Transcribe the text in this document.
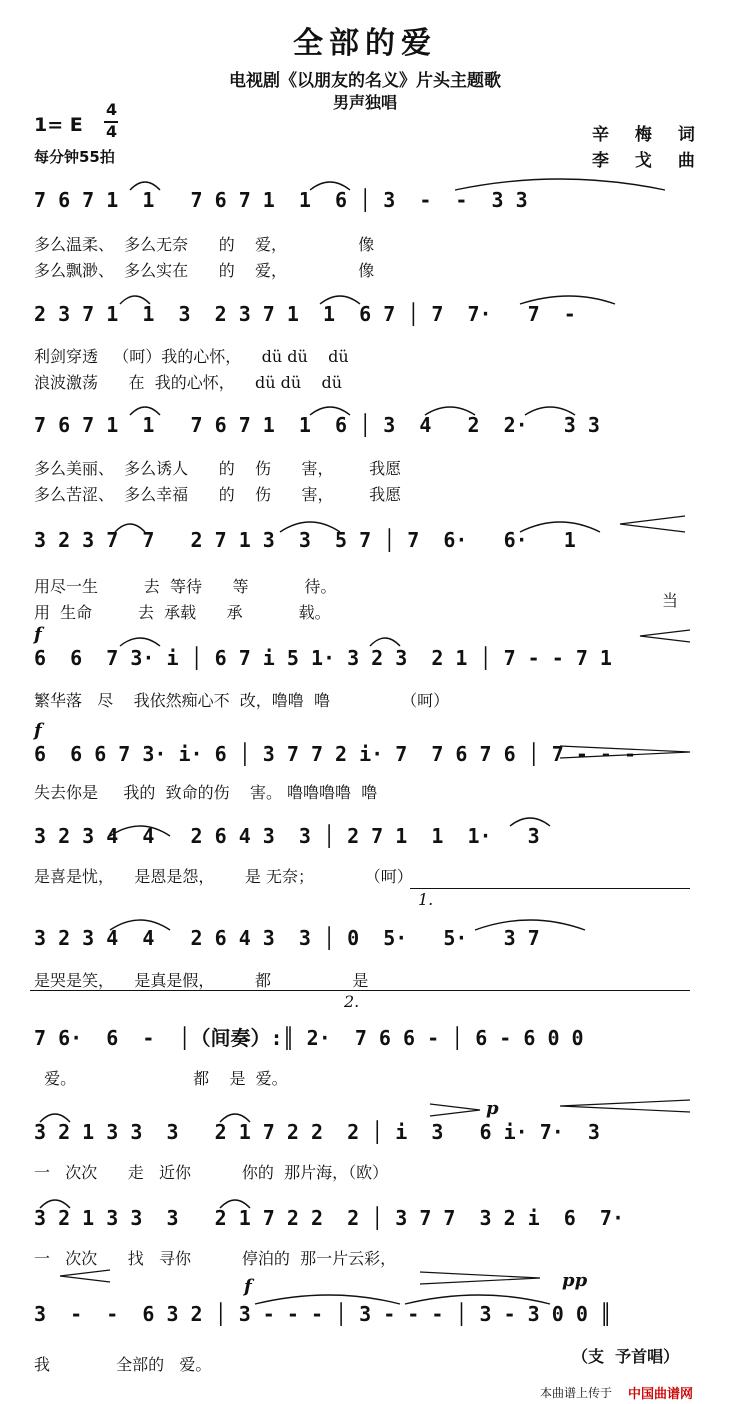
全部的爱
电视剧《以朋友的名义》片头主题歌
男声独唱
1= E
4
4
每分钟55拍
辛 梅 词
李 戈 曲
7 6 7 1  1   7 6 7 1  1  6 │ 3  -  -  3 3
多么温柔、  多么无奈      的    爱，              像
多么飘渺、  多么实在      的    爱，              像
2 3 7 1  1  3  2 3 7 1  1  6 7 │ 7  7·   7  -
利剑穿透   （呵）我的心怀，    dü dü    dü
浪波激荡      在  我的心怀，    dü dü    dü
7 6 7 1  1   7 6 7 1  1  6 │ 3  4   2  2·   3 3
多么美丽、  多么诱人      的    伤      害，       我愿
多么苦涩、  多么幸福      的    伤      害，       我愿
3 2 3 7  7   2 7 1 3  3  5 7 │ 7  6·   6·   1
用尽一生         去  等待      等           待。
用  生命         去  承载      承           载。
当
f
6  6  7 3· i │ 6 7 i 5 1· 3 2 3  2 1 │ 7 - - 7 1
繁华落   尽    我依然痴心不  改，噜噜  噜              （呵）
f
6  6 6 7 3· i· 6 │ 3 7 7 2 i· 7  7 6 7 6 │ 7 - - -
失去你是     我的  致命的伤    害。 噜噜噜噜  噜
3 2 3 4  4   2 6 4 3  3 │ 2 7 1  1  1·   3
是喜是忧，    是恩是怨，      是 无奈；          （呵）
1.
3 2 3 4  4   2 6 4 3  3 │ 0  5·   5·   3 7
是哭是笑，    是真是假，        都                是
2.
7 6·  6  -  │（间奏）:║ 2·  7 6 6 - │ 6 - 6 0 0
爱。                       都    是  爱。
p
3 2 1 3 3  3   2 1 7 2 2  2 │ i  3   6 i· 7·  3
一   次次      走   近你          你的  那片海，（欧）
3 2 1 3 3  3   2 1 7 2 2  2 │ 3 7 7  3 2 i  6  7·
一   次次      找   寻你          停泊的  那一片云彩，
f	pp
3  -  -  6 3 2 │ 3 - - - │ 3 - - - │ 3 - 3 0 0 ║
我             全部的   爱。	（支  予首唱）
本曲谱上传于 中国曲谱网
